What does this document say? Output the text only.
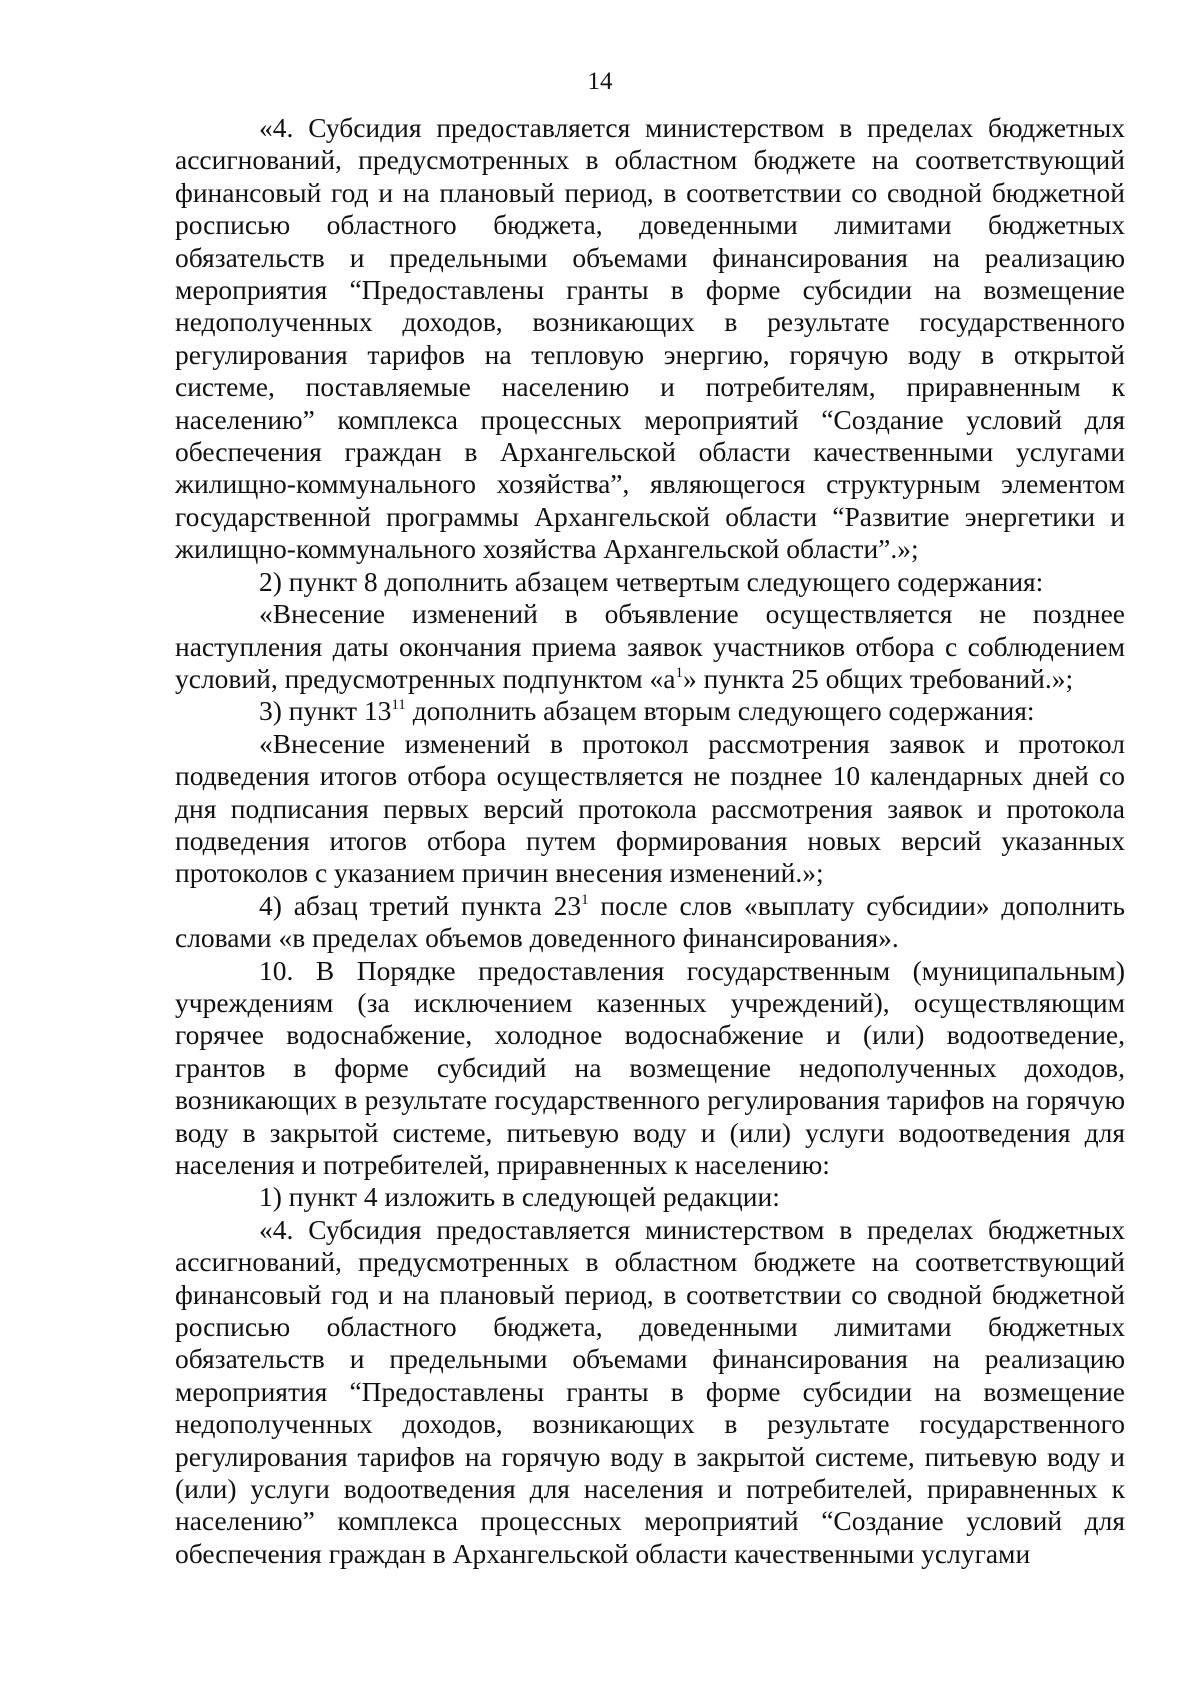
14

«4. Субсидия предоставляется министерством в пределах бюджетных ассигнований, предусмотренных в областном бюджете на соответствующий финансовый год и на плановый период, в соответствии со сводной бюджетной росписью областного бюджета, доведенными лимитами бюджетных обязательств и предельными объемами финансирования на реализацию мероприятия “Предоставлены гранты в форме субсидии на возмещение недополученных доходов, возникающих в результате государственного регулирования тарифов на тепловую энергию, горячую воду в открытой системе, поставляемые населению и потребителям, приравненным к населению” комплекса процессных мероприятий “Создание условий для обеспечения граждан в Архангельской области качественными услугами жилищно-коммунального хозяйства”, являющегося структурным элементом государственной программы Архангельской области “Развитие энергетики и жилищно-коммунального хозяйства Архангельской области”.»;

2) пункт 8 дополнить абзацем четвертым следующего содержания:

«Внесение изменений в объявление осуществляется не позднее наступления даты окончания приема заявок участников отбора с соблюдением условий, предусмотренных подпунктом «$а^1$» пункта 25 общих требований.»;

3) пункт $13^{11}$ дополнить абзацем вторым следующего содержания:

«Внесение изменений в протокол рассмотрения заявок и протокол подведения итогов отбора осуществляется не позднее 10 календарных дней со дня подписания первых версий протокола рассмотрения заявок и протокола подведения итогов отбора путем формирования новых версий указанных протоколов с указанием причин внесения изменений.»;

4) абзац третий пункта $23^1$ после слов «выплату субсидии» дополнить словами «в пределах объемов доведенного финансирования».

10. В Порядке предоставления государственным (муниципальным) учреждениям (за исключением казенных учреждений), осуществляющим горячее водоснабжение, холодное водоснабжение и (или) водоотведение, грантов в форме субсидий на возмещение недополученных доходов, возникающих в результате государственного регулирования тарифов на горячую воду в закрытой системе, питьевую воду и (или) услуги водоотведения для населения и потребителей, приравненных к населению:

1) пункт 4 изложить в следующей редакции:

«4. Субсидия предоставляется министерством в пределах бюджетных ассигнований, предусмотренных в областном бюджете на соответствующий финансовый год и на плановый период, в соответствии со сводной бюджетной росписью областного бюджета, доведенными лимитами бюджетных обязательств и предельными объемами финансирования на реализацию мероприятия “Предоставлены гранты в форме субсидии на возмещение недополученных доходов, возникающих в результате государственного регулирования тарифов на горячую воду в закрытой системе, питьевую воду и (или) услуги водоотведения для населения и потребителей, приравненных к населению” комплекса процессных мероприятий “Создание условий для обеспечения граждан в Архангельской области качественными услугами
